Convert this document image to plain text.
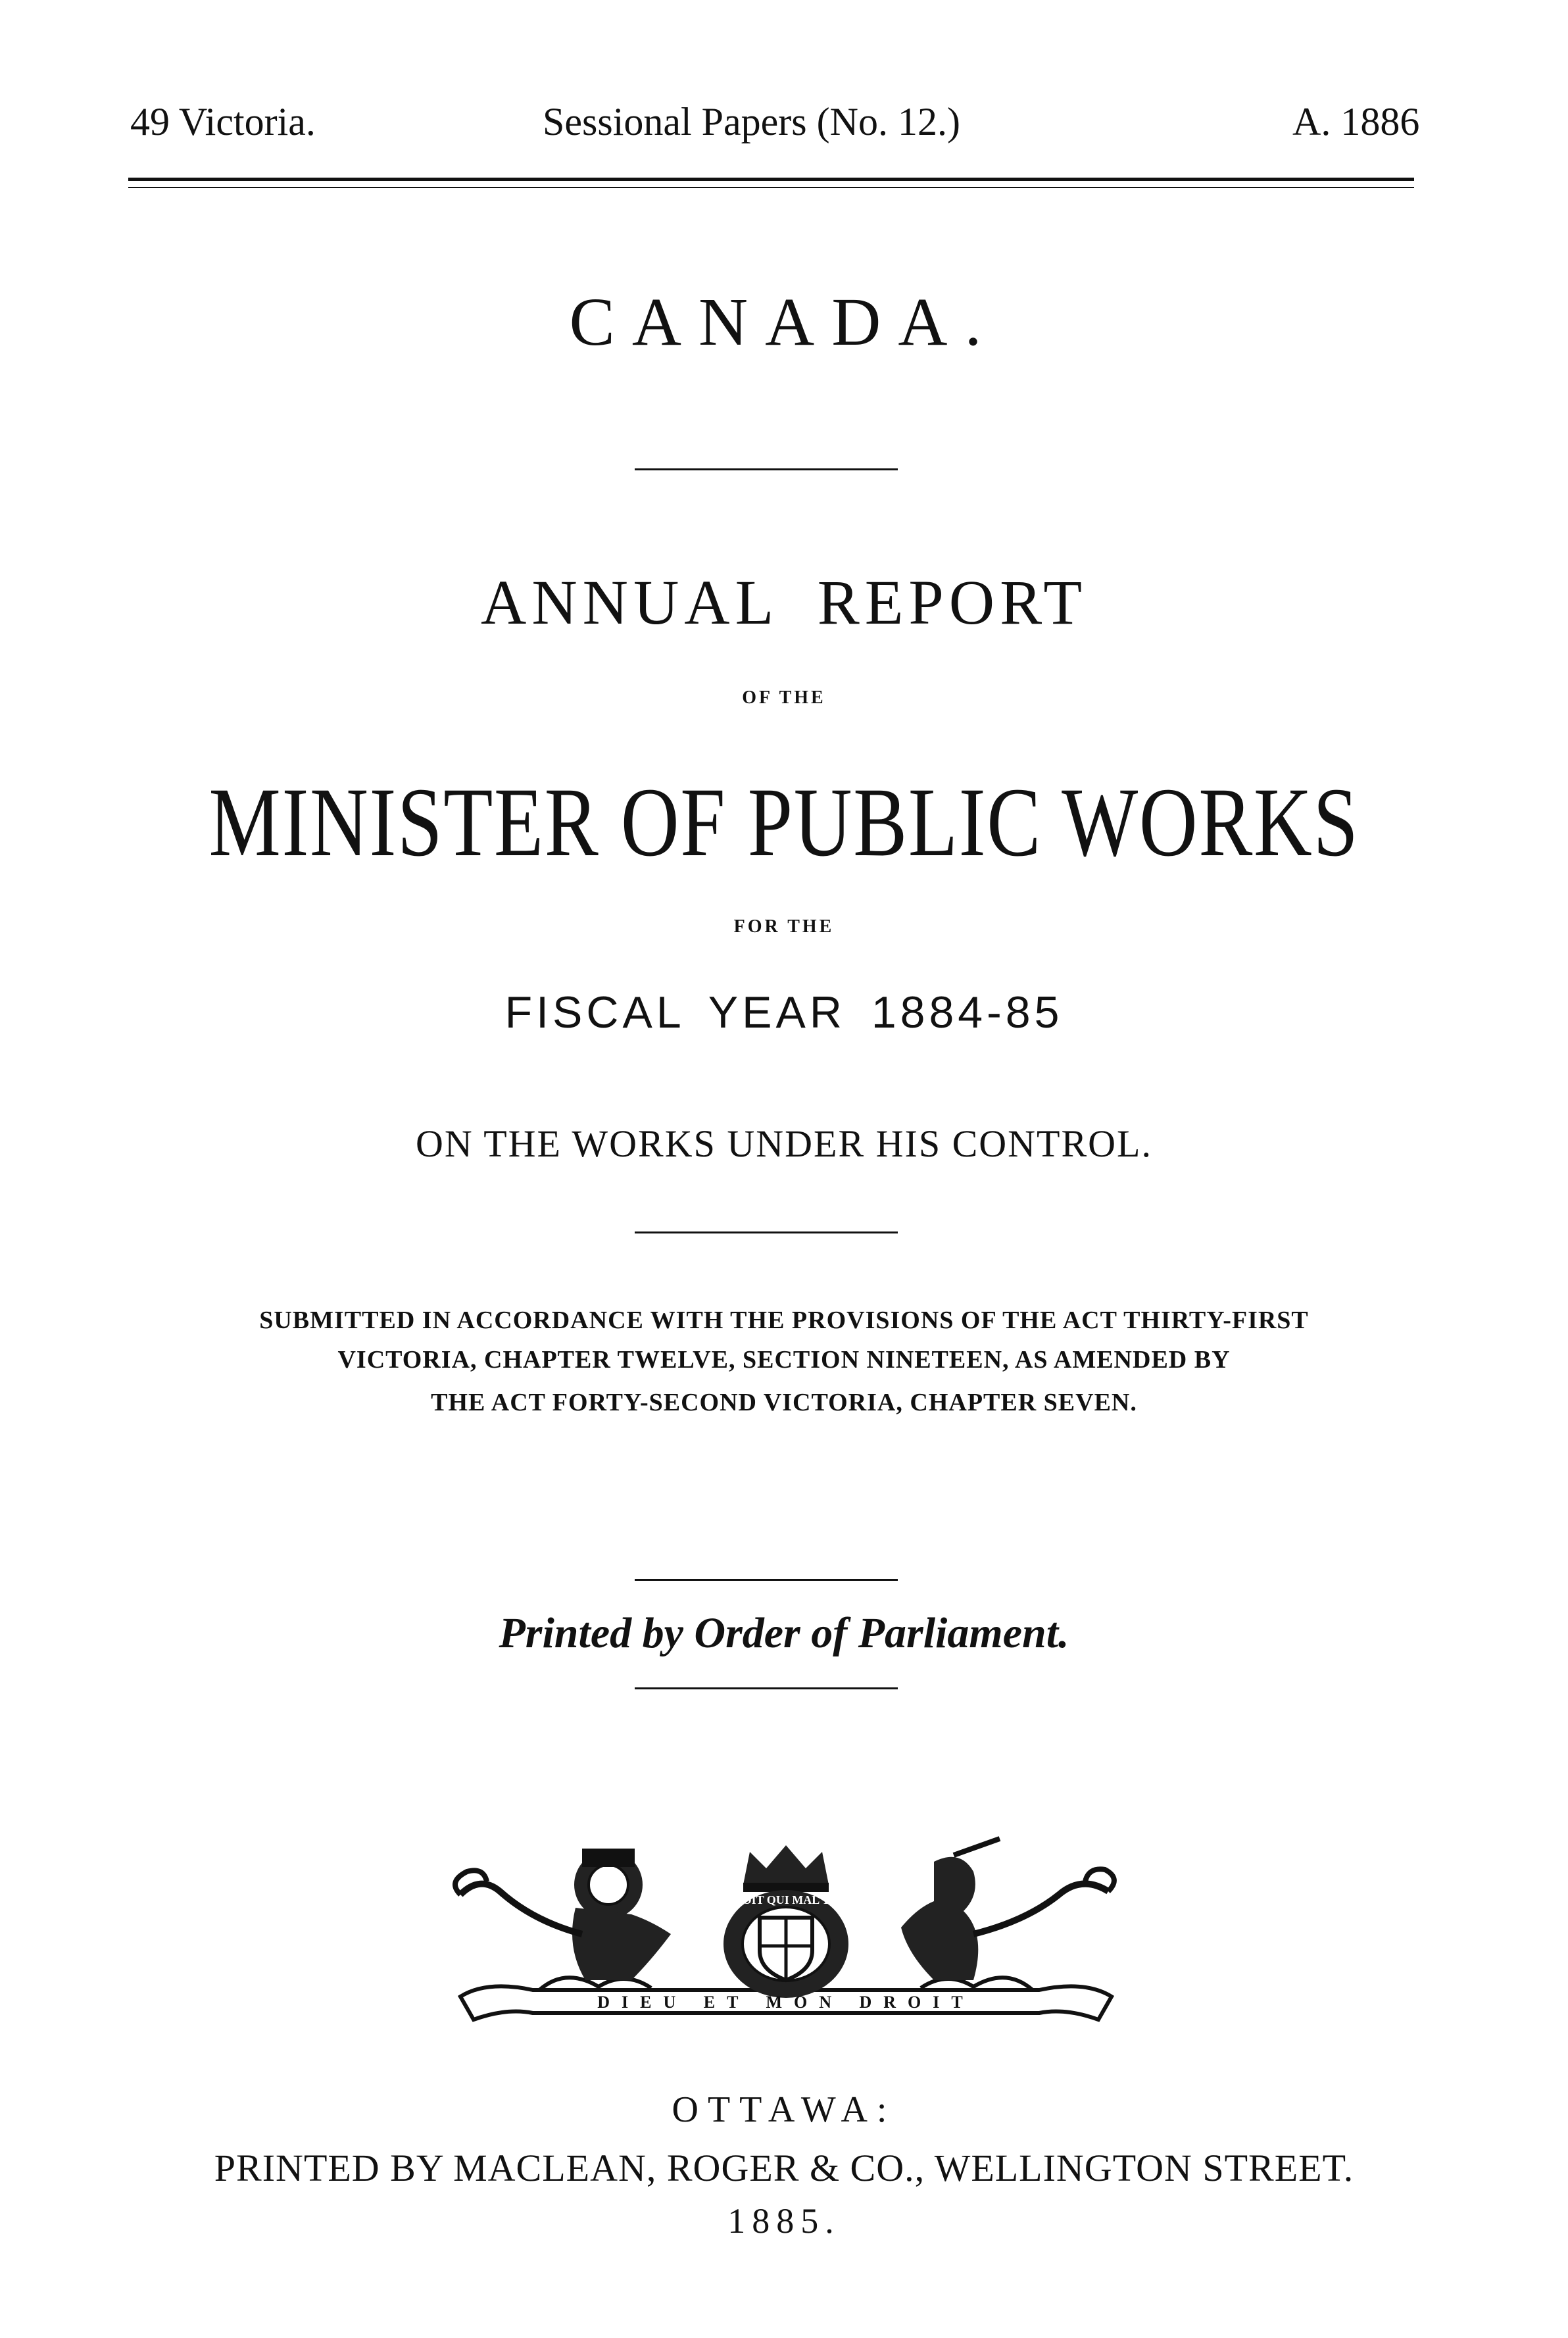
49 Victoria.	Sessional Papers (No. 12.)	A. 1886
CANADA.
ANNUAL REPORT
OF THE
MINISTER OF PUBLIC WORKS
FOR THE
FISCAL YEAR 1884-85
ON THE WORKS UNDER HIS CONTROL.
SUBMITTED IN ACCORDANCE WITH THE PROVISIONS OF THE ACT THIRTY-FIRST
VICTORIA, CHAPTER TWELVE, SECTION NINETEEN, AS AMENDED BY
THE ACT FORTY-SECOND VICTORIA, CHAPTER SEVEN.
Printed by Order of Parliament.
HONI SOIT QUI MAL Y PENSE
DIEU ET MON DROIT
OTTAWA:
PRINTED BY MACLEAN, ROGER & CO., WELLINGTON STREET.
1885.
